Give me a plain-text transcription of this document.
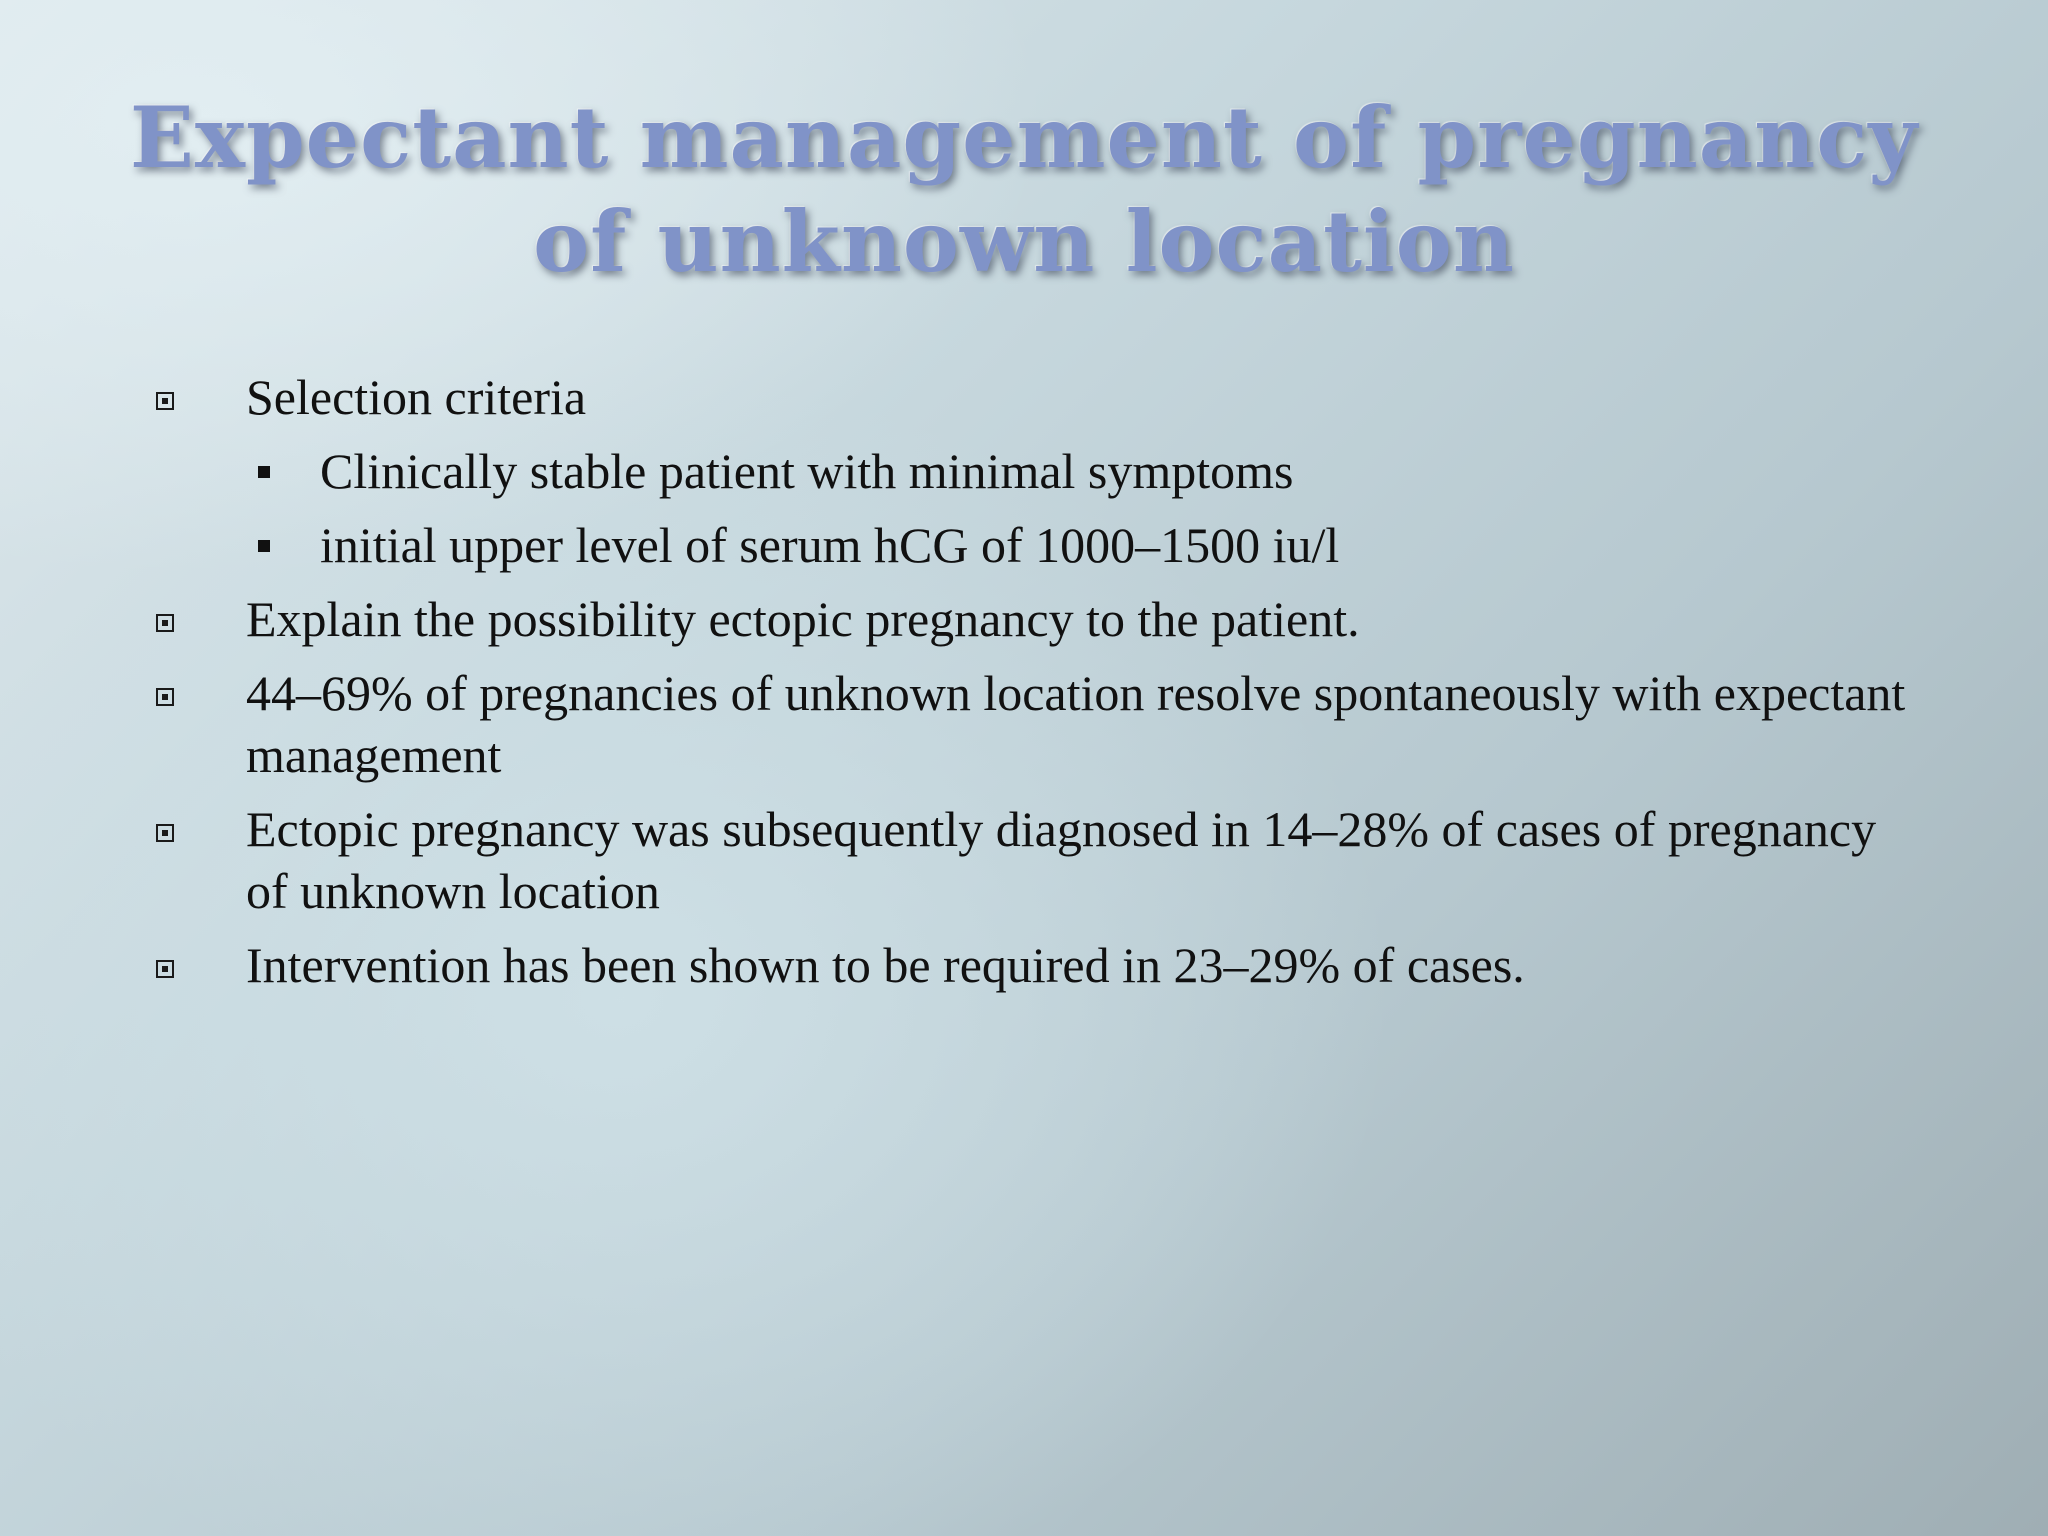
Expectant management of pregnancy
of unknown location
Selection criteria
Clinically stable patient with minimal symptoms
initial upper level of serum hCG of 1000–1500 iu/l
Explain the possibility ectopic pregnancy to the patient.
44–69% of pregnancies of unknown location resolve spontaneously with expectant management
Ectopic pregnancy was subsequently diagnosed in 14–28% of cases of pregnancy of unknown location
Intervention has been shown to be required in 23–29% of cases.
